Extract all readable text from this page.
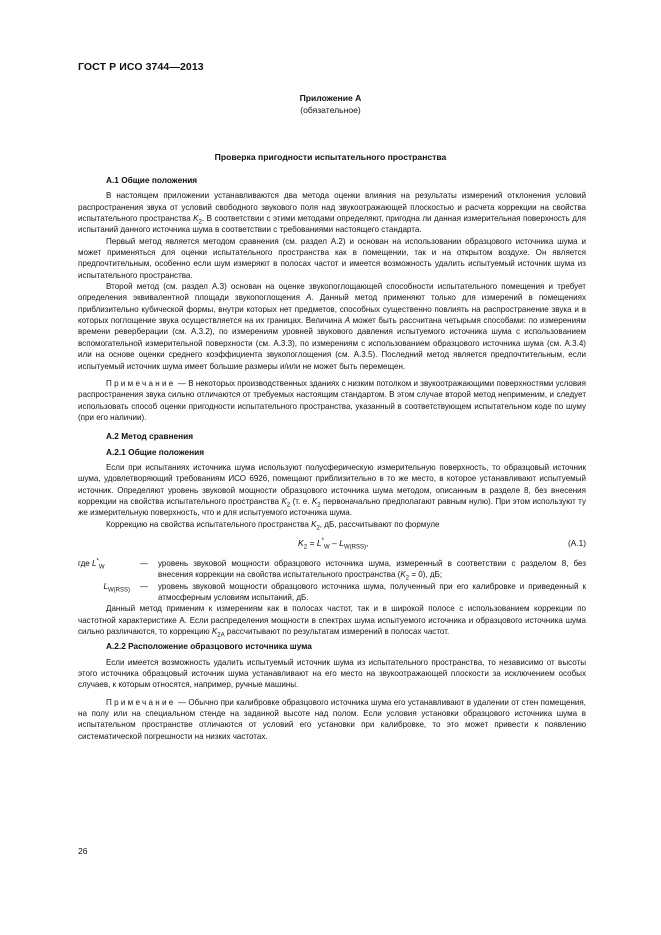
ГОСТ Р ИСО 3744—2013
Приложение А
(обязательное)
Проверка пригодности испытательного пространства
А.1 Общие положения

В настоящем приложении устанавливаются два метода оценки влияния на результаты измерений отклонения условий распространения звука от условий свободного звукового поля над звукоотражающей плоскостью и расчета коррекции на свойства испытательного пространства $K_2$. В соответствии с этими методами определяют, пригодна ли данная измерительная поверхность для испытаний данного источника шума в соответствии с требованиями настоящего стандарта.

Первый метод является методом сравнения (см. раздел А.2) и основан на использовании образцового источника шума и может применяться для оценки испытательного пространства как в помещении, так и на открытом воздухе. Он является предпочтительным, особенно если шум измеряют в полосах частот и имеется возможность удалить испытуемый источник шума из испытательного пространства.

Второй метод (см. раздел А.3) основан на оценке звукопоглощающей способности испытательного помещения и требует определения эквивалентной площади звукопоглощения A. Данный метод применяют только для измерений в помещениях приблизительно кубической формы, внутри которых нет предметов, способных существенно повлиять на распространение звука и в которых поглощение звука осуществляется на их границах. Величина A может быть рассчитана четырьмя способами: по измерениям времени реверберации (см. А.3.2), по измерениям уровней звукового давления испытуемого источника шума с использованием вспомогательной измерительной поверхности (см. А.3.3), по измерениям с использованием образцового источника шума (см. А.3.4) или на основе оценки среднего коэффициента звукопоглощения (см. А.3.5). Последний метод является предпочтительным, если испытуемый источник шума имеет большие размеры и/или не может быть перемещен.

Примечание — В некоторых производственных зданиях с низким потолком и звукоотражающими поверхностями условия распространения звука сильно отличаются от требуемых настоящим стандартом. В этом случае второй метод неприменим, и следует использовать способ оценки пригодности испытательного пространства, указанный в соответствующем испытательном коде по шуму (при его наличии).

А.2 Метод сравнения
А.2.1 Общие положения

Если при испытаниях источника шума используют полусферическую измерительную поверхность, то образцовый источник шума, удовлетворяющий требованиям ИСО 6926, помещают приблизительно в то же место, в которое устанавливают испытуемый источник. Определяют уровень звуковой мощности образцового источника шума методом, описанным в разделе 8, без внесения коррекции на свойства испытательного пространства $K_2$ (т. е. $K_2$ первоначально предполагают равным нулю). При этом используют ту же измерительную поверхность, что и для испытуемого источника шума.

Коррекцию на свойства испытательного пространства $K_2$, дБ, рассчитывают по формуле

$K_2 = L^*_W - L_{W(RSS)}$,	(А.1)
где $L^*_W$	—	уровень звуковой мощности образцового источника шума, измеренный в соответствии с разделом 8, без внесения коррекции на свойства испытательного пространства $(K_2 = 0)$, дБ;
$L_{W(RSS)}$	—	уровень звуковой мощности образцового источника шума, полученный при его калибровке и приведенный к атмосферным условиям испытаний, дБ.

Данный метод применим к измерениям как в полосах частот, так и в широкой полосе с использованием коррекции по частотной характеристике А. Если распределения мощности в спектрах шума испытуемого источника и образцового источника шума сильно различаются, то коррекцию $K_{2A}$ рассчитывают по результатам измерений в полосах частот.

А.2.2 Расположение образцового источника шума

Если имеется возможность удалить испытуемый источник шума из испытательного пространства, то независимо от высоты этого источника образцовый источник шума устанавливают на его место на звукоотражающей плоскости за исключением особых случаев, к которым относятся, например, ручные машины.

Примечание — Обычно при калибровке образцового источника шума его устанавливают в удалении от стен помещения, на полу или на специальном стенде на заданной высоте над полом. Если условия установки образцового источника шума в испытательном пространстве отличаются от условий его установки при калибровке, то это может привести к появлению систематической погрешности на низких частотах.

26
